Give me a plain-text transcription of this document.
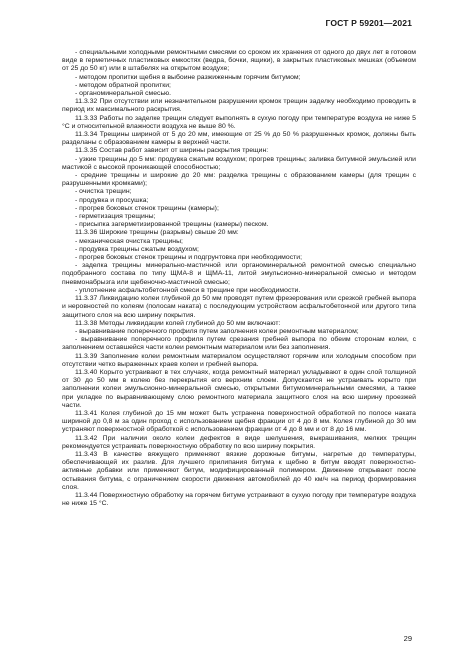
ГОСТ Р 59201—2021

- специальными холодными ремонтными смесями со сроком их хранения от одного до двух лет в готовом виде в герметичных пластиковых емкостях (ведра, бочки, ящики), в закрытых пластиковых мешках (объемом от 25 до 50 кг) или в штабелях на открытом воздухе;

- методом пропитки щебня в выбоине разжиженным горячим битумом;

- методом обратной пропитки;

- органоминеральной смесью.

11.3.32 При отсутствии или незначительном разрушении кромок трещин заделку необходимо проводить в период их максимального раскрытия.

11.3.33 Работы по заделке трещин следует выполнять в сухую погоду при температуре воздуха не ниже 5 °С и относительной влажности воздуха не выше 80 %.

11.3.34 Трещины шириной от 5 до 20 мм, имеющие от 25 % до 50 % разрушенных кромок, должны быть разделаны с образованием камеры в верхней части.

11.3.35 Состав работ зависит от ширины раскрытия трещин:

- узкие трещины до 5 мм: продувка сжатым воздухом; прогрев трещины; заливка битумной эмульсией или мастикой с высокой проникающей способностью;

- средние трещины и широкие до 20 мм: разделка трещины с образованием камеры (для трещин с разрушенными кромками);

- очистка трещин;

- продувка и просушка;

- прогрев боковых стенок трещины (камеры);

- герметизация трещины;

- присыпка загерметизированной трещины (камеры) песком.

11.3.36 Широкие трещины (разрывы) свыше 20 мм:

- механическая очистка трещины;

- продувка трещины сжатым воздухом;

- прогрев боковых стенок трещины и подгрунтовка при необходимости;

- заделка трещины минерально-мастичной или органоминеральной ремонтной смесью специально подобранного состава по типу ЩМА-8 и ЩМА-11, литой эмульсионно-минеральной смесью и методом пневмонабрызга или щебеночно-мастичной смесью;

- уплотнение асфальтобетонной смеси в трещине при необходимости.

11.3.37 Ликвидацию колеи глубиной до 50 мм проводят путем фрезерования или срезкой гребней выпора и неровностей по колеям (полосам наката) с последующим устройством асфальтобетонной или другого типа защитного слоя на всю ширину покрытия.

11.3.38 Методы ликвидации колей глубиной до 50 мм включают:

- выравнивание поперечного профиля путем заполнения колеи ремонтным материалом;

- выравнивание поперечного профиля путем срезания гребней выпора по обеим сторонам колеи, с заполнением оставшейся части колеи ремонтным материалом или без заполнения.

11.3.39 Заполнение колеи ремонтным материалом осуществляют горячим или холодным способом при отсутствии четко выраженных краев колеи и гребней выпора.

11.3.40 Корыто устраивают в тех случаях, когда ремонтный материал укладывают в один слой толщиной от 30 до 50 мм в колею без перекрытия его верхним слоем. Допускается не устраивать корыто при заполнении колеи эмульсионно-минеральной смесью, открытыми битумоминеральными смесями, а также при укладке по выравнивающему слою ремонтного материала защитного слоя на всю ширину проезжей части.

11.3.41 Колея глубиной до 15 мм может быть устранена поверхностной обработкой по полосе наката шириной до 0,8 м за один проход с использованием щебня фракции от 4 до 8 мм. Колея глубиной до 30 мм устраняют поверхностной обработкой с использованием фракции от 4 до 8 мм и от 8 до 16 мм.

11.3.42 При наличии около колеи дефектов в виде шелушения, выкрашивания, мелких трещин рекомендуется устраивать поверхностную обработку по всю ширину покрытия.

11.3.43 В качестве вяжущего применяют вязкие дорожные битумы, нагретые до температуры, обеспечивающей их разлив. Для лучшего прилипания битума к щебню в битум вводят поверхностно-активные добавки или применяют битум, модифицированный полимером. Движение открывают после остывания битума, с ограничением скорости движения автомобилей до 40 км/ч на период формирования слоя.

11.3.44 Поверхностную обработку на горячем битуме устраивают в сухую погоду при температуре воздуха не ниже 15 °С.

29
